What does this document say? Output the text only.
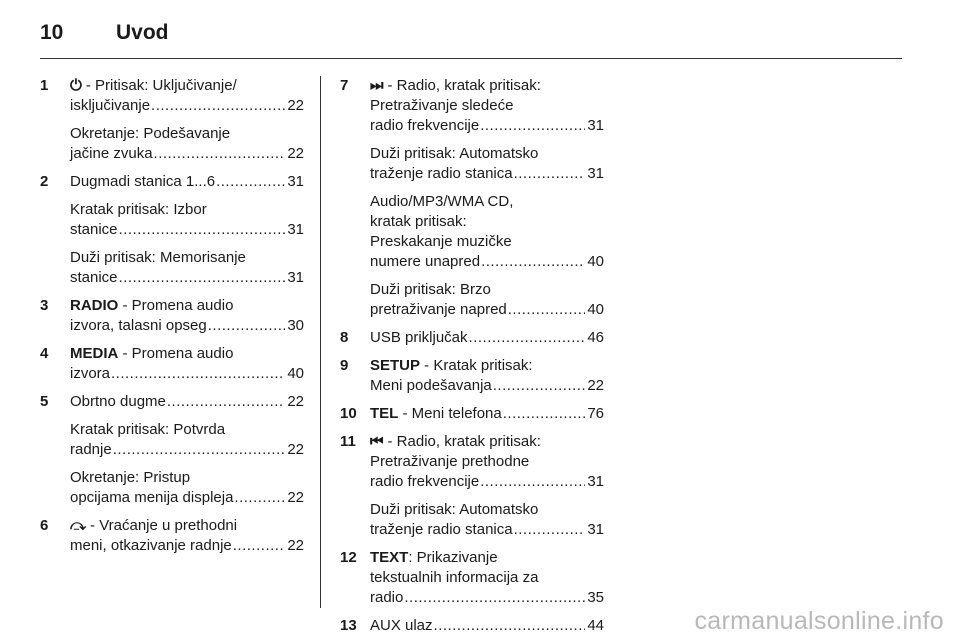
10	Uvod
1	⏻ - Pritisak: Uključivanje/
isključivanje .....	22
Okretanje: Podešavanje
jačine zvuka .....	22
2	Dugmadi stanica 1...6 .....	31
Kratak pritisak: Izbor
stanice .....	31
Duži pritisak: Memorisanje
stanice .....	31
3	RADIO - Promena audio
izvora, talasni opseg .....	30
4	MEDIA - Promena audio
izvora .....	40
5	Obrtno dugme .....	22
Kratak pritisak: Potvrda
radnje .....	22
Okretanje: Pristup
opcijama menija displeja .....	22
6	⤼ - Vraćanje u prethodni
meni, otkazivanje radnje .....	22
7	⏭ - Radio, kratak pritisak:
Pretraživanje sledeće
radio frekvencije .....	31
Duži pritisak: Automatsko
traženje radio stanica .....	31
Audio/MP3/WMA CD,
kratak pritisak:
Preskakanje muzičke
numere unapred .....	40
Duži pritisak: Brzo
pretraživanje napred .....	40
8	USB priključak .....	46
9	SETUP - Kratak pritisak:
Meni podešavanja .....	22
10 TEL - Meni telefona .....	76
11 ⏮ - Radio, kratak pritisak:
Pretraživanje prethodne
radio frekvencije .....	31
Duži pritisak: Automatsko
traženje radio stanica .....	31
12 TEXT: Prikazivanje
tekstualnih informacija za
radio .....	35
13 AUX ulaz .....	44	carmanualsonline.info
